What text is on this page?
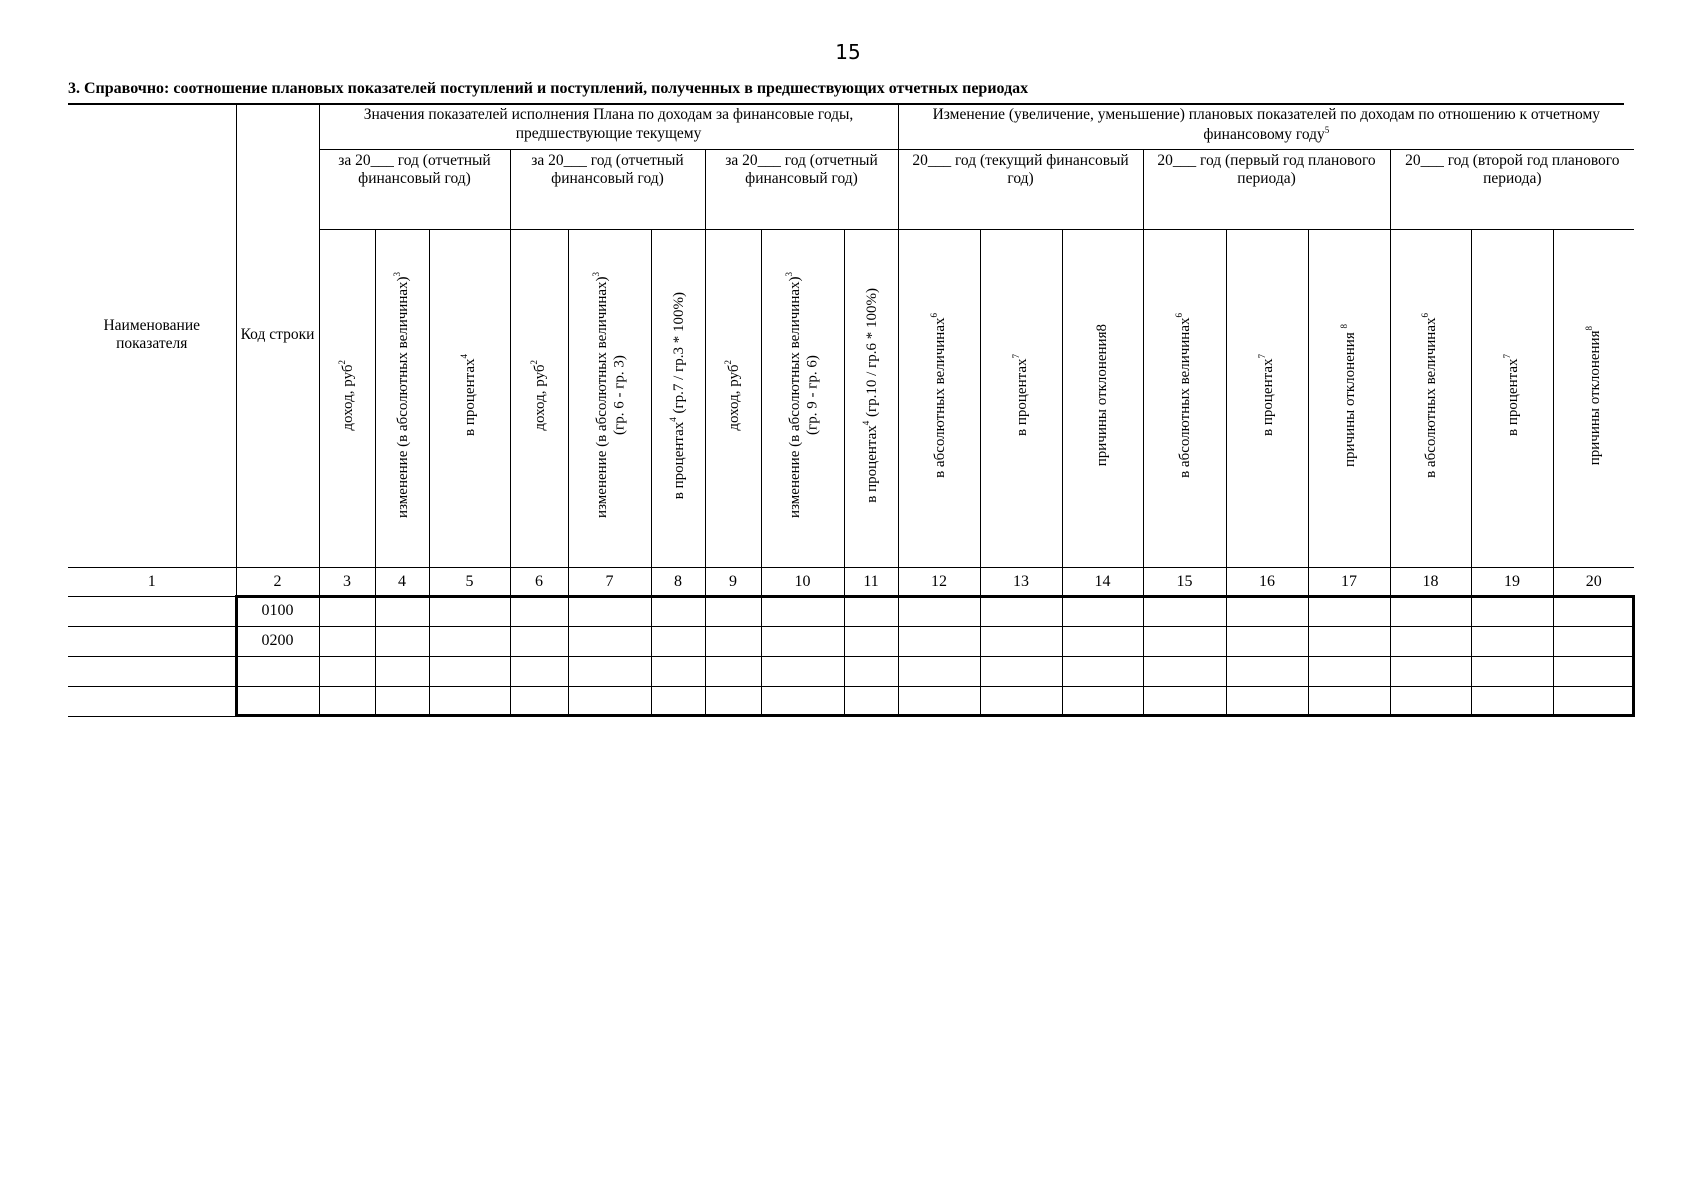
15
3. Справочно: соотношение плановых показателей поступлений и поступлений, полученных в предшествующих отчетных периодах
Наименование показателя	Код строки	Значения показателей исполнения Плана по доходам за финансовые годы, предшествующие текущему									Изменение (увеличение, уменьшение) плановых показателей по доходам по отношению к отчетному финансовому году$^5$
		за 20___ год (отчетный финансовый год)			за 20___ год (отчетный финансовый год)			за 20___ год (отчетный финансовый год)			20___ год (текущий финансовый год)			20___ год (первый год планового периода)			20___ год (второй год планового периода)		
		доход, руб$^2$	изменение (в абсолютных величинах)$^3$	в процентах$^4$	доход, руб$^2$	изменение (в абсолютных величинах)$^3$
(гр. 6 - гр. 3)	в процентах$^4$ (гр.7 / гр.3 * 100%)	доход, руб$^2$	изменение (в абсолютных величинах)$^3$
(гр. 9 - гр. 6)	в процентах$^4$ (гр.10 / гр.6 * 100%)	в абсолютных величинах$^6$	в процентах$^7$	причины отклонения8	в абсолютных величинах$^6$	в процентах$^7$	причины отклонения $^8$	в абсолютных величинах$^6$	в процентах$^7$	причины отклонения$^8$
1	2	3	4	5	6	7	8	9	10	11	12	13	14	15	16	17	18	19	20
	0100																		
	0200																		
